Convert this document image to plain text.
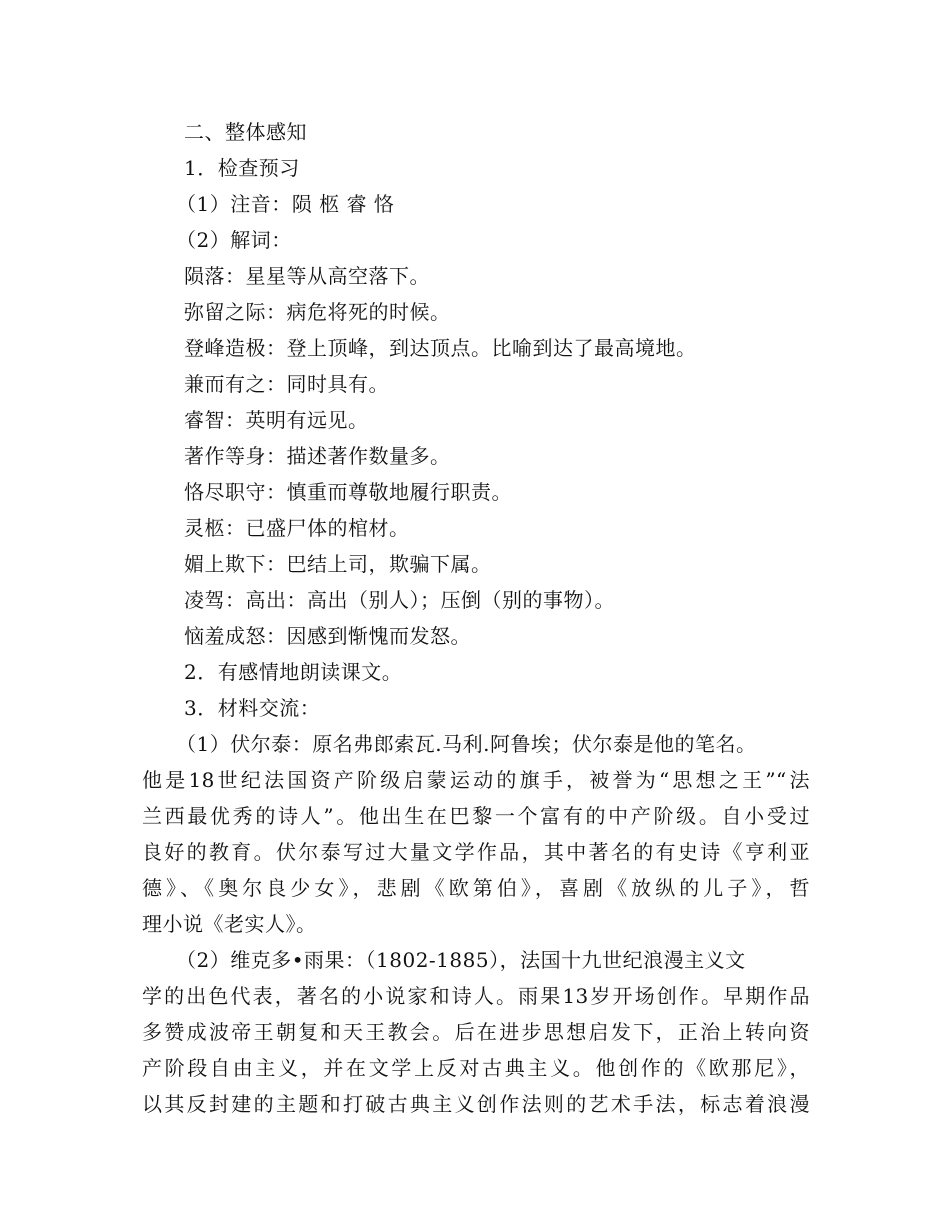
二、整体感知
1．检查预习
（1）注音：陨 柩 睿 恪
（2）解词：
陨落：星星等从高空落下。
弥留之际：病危将死的时候。
登峰造极：登上顶峰，到达顶点。比喻到达了最高境地。
兼而有之：同时具有。
睿智：英明有远见。
著作等身：描述著作数量多。
恪尽职守：慎重而尊敬地履行职责。
灵柩：已盛尸体的棺材。
媚上欺下：巴结上司，欺骗下属。
凌驾：高出：高出（别人）；压倒（别的事物）。
恼羞成怒：因感到惭愧而发怒。
2．有感情地朗读课文。
3．材料交流：
（1）伏尔泰：原名弗郎索瓦.马利.阿鲁埃；伏尔泰是他的笔名。
他是18世纪法国资产阶级启蒙运动的旗手，被誉为“思想之王”“法
兰西最优秀的诗人”。他出生在巴黎一个富有的中产阶级。自小受过
良好的教育。伏尔泰写过大量文学作品，其中著名的有史诗《亨利亚
德》、《奥尔良少女》，悲剧《欧第伯》，喜剧《放纵的儿子》，哲
理小说《老实人》。
（2）维克多•雨果：（1802-1885），法国十九世纪浪漫主义文
学的出色代表，著名的小说家和诗人。雨果13岁开场创作。早期作品
多赞成波帝王朝复和天王教会。后在进步思想启发下，正治上转向资
产阶段自由主义，并在文学上反对古典主义。他创作的《欧那尼》，
以其反封建的主题和打破古典主义创作法则的艺术手法，标志着浪漫
